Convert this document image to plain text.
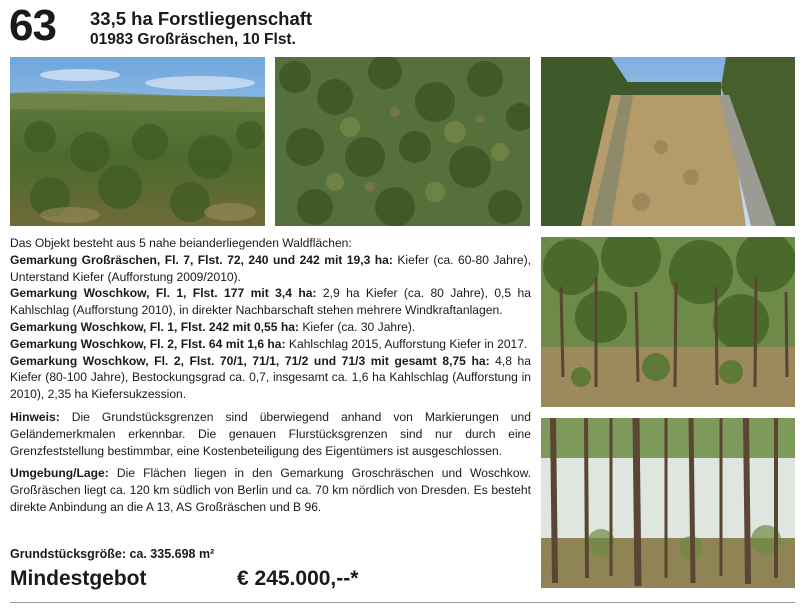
63 33,5 ha Forstliegenschaft
01983 Großräschen, 10 Flst.

Das Objekt besteht aus 5 nahe beianderliegenden Waldflächen:

Gemarkung Großräschen, Fl. 7, Flst. 72, 240 und 242 mit 19,3 ha: Kiefer (ca. 60-80 Jahre), Unterstand Kiefer (Aufforstung 2009/2010).

Gemarkung Woschkow, Fl. 1, Flst. 177 mit 3,4 ha: 2,9 ha Kiefer (ca. 80 Jahre), 0,5 ha Kahlschlag (Aufforstung 2010), in direkter Nachbarschaft stehen mehrere Windkraftanlagen.

Gemarkung Woschkow, Fl. 1, Flst. 242 mit 0,55 ha: Kiefer (ca. 30 Jahre).

Gemarkung Woschkow, Fl. 2, Flst. 64 mit 1,6 ha: Kahlschlag 2015, Aufforstung Kiefer in 2017.

Gemarkung Woschkow, Fl. 2, Flst. 70/1, 71/1, 71/2 und 71/3 mit gesamt 8,75 ha: 4,8 ha Kiefer (80-100 Jahre), Bestockungsgrad ca. 0,7, insgesamt ca. 1,6 ha Kahlschlag (Aufforstung in 2010), 2,35 ha Kiefersukzession.

Hinweis: Die Grundstücksgrenzen sind überwiegend anhand von Markierungen und Geländemerkmalen erkennbar. Die genauen Flurstücksgrenzen sind nur durch eine Grenzfeststellung bestimmbar, eine Kostenbeteiligung des Eigentümers ist ausgeschlossen.

Umgebung/Lage: Die Flächen liegen in den Gemarkung Groschräschen und Woschkow. Großräschen liegt ca. 120 km südlich von Berlin und ca. 70 km nördlich von Dresden. Es besteht direkte Anbindung an die A 13, AS Großräschen und B 96.

Grundstücksgröße: ca. 335.698 m²
Mindestgebot	€ 245.000,--*
